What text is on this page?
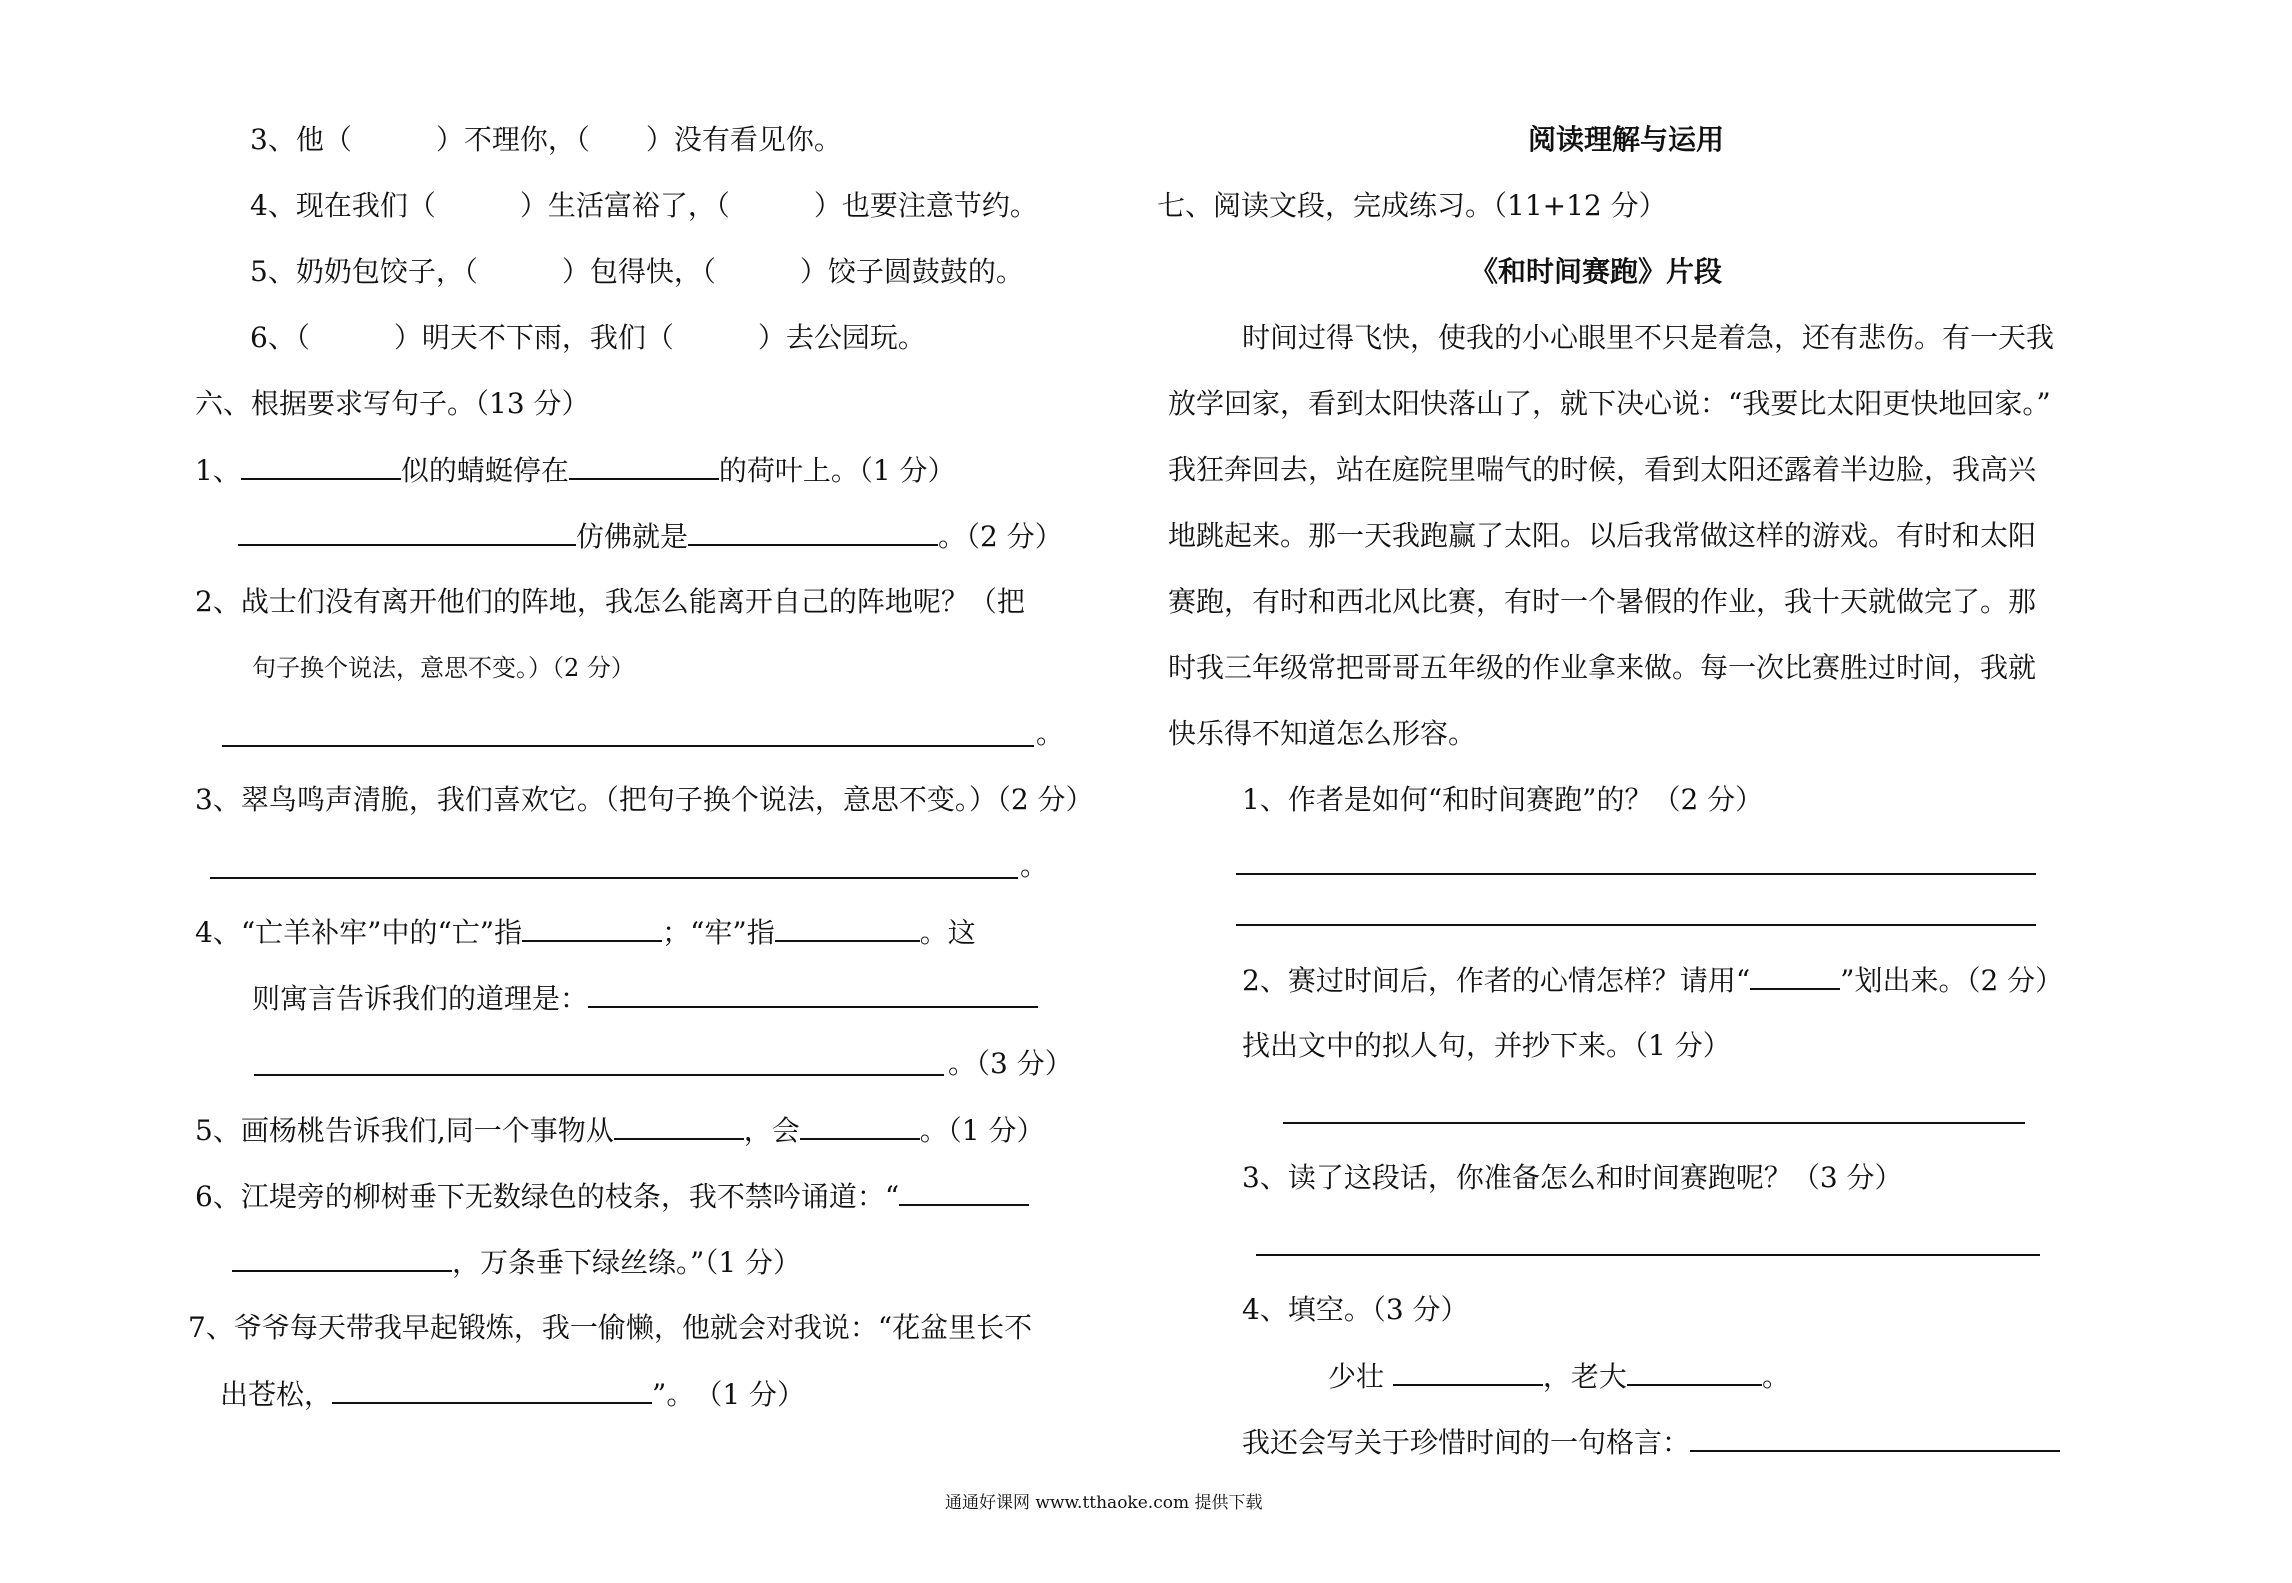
3、他（　　　）不理你，（　　）没有看见你。
4、现在我们（　　　）生活富裕了，（　　　）也要注意节约。
5、奶奶包饺子，（　　　）包得快，（　　　）饺子圆鼓鼓的。
6、（　　　）明天不下雨，我们（　　　）去公园玩。
六、根据要求写句子。（13 分）
1、	似的蜻蜓停在	的荷叶上。（1 分）
仿佛就是	。（2 分）
2、战士们没有离开他们的阵地，我怎么能离开自己的阵地呢？（把
句子换个说法，意思不变。）（2 分）
。
3、翠鸟鸣声清脆，我们喜欢它。（把句子换个说法，意思不变。）（2 分）
。
4、“亡羊补牢”中的“亡”指	；“牢”指	。这
则寓言告诉我们的道理是：
。（3 分）
5、画杨桃告诉我们,同一个事物从	，会	。（1 分）
6、江堤旁的柳树垂下无数绿色的枝条，我不禁吟诵道：“
，万条垂下绿丝绦。”（1 分）
7、爷爷每天带我早起锻炼，我一偷懒，他就会对我说：“花盆里长不
出苍松，	”。　（1 分）
阅读理解与运用
七、阅读文段，完成练习。（11+12 分）
《和时间赛跑》片段
时间过得飞快，使我的小心眼里不只是着急，还有悲伤。有一天我
放学回家，看到太阳快落山了，就下决心说：“我要比太阳更快地回家。”
我狂奔回去，站在庭院里喘气的时候，看到太阳还露着半边脸，我高兴
地跳起来。那一天我跑赢了太阳。以后我常做这样的游戏。有时和太阳
赛跑，有时和西北风比赛，有时一个暑假的作业，我十天就做完了。那
时我三年级常把哥哥五年级的作业拿来做。每一次比赛胜过时间，我就
快乐得不知道怎么形容。
1、作者是如何“和时间赛跑”的？（2 分）
2、赛过时间后，作者的心情怎样？请用“	”划出来。（2 分）
找出文中的拟人句，并抄下来。（1 分）
3、读了这段话，你准备怎么和时间赛跑呢？（3 分）
4、填空。（3 分）
少壮	，老大	。
我还会写关于珍惜时间的一句格言：
通通好课网 www.tthaoke.com 提供下载
